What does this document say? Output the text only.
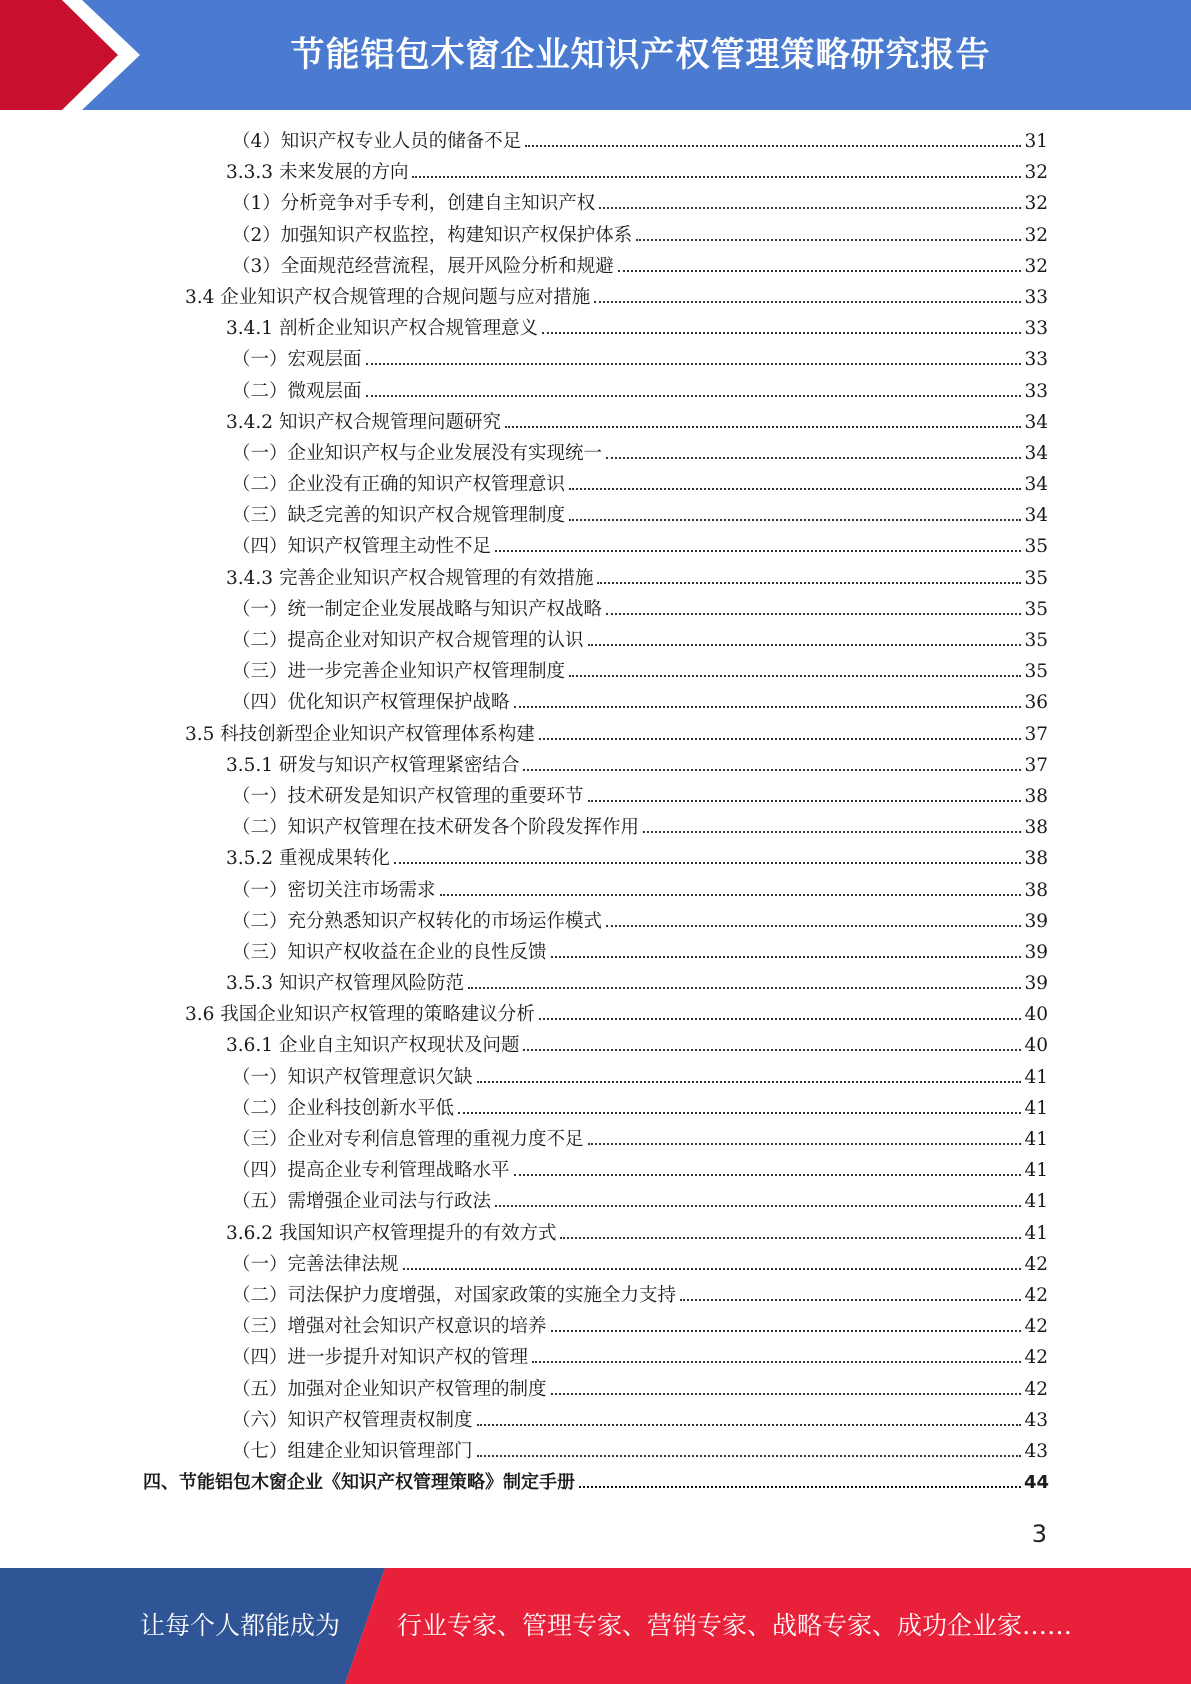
节能铝包木窗企业知识产权管理策略研究报告
（4）知识产权专业人员的储备不足	31
3.3.3 未来发展的方向	32
（1）分析竞争对手专利，创建自主知识产权	32
（2）加强知识产权监控，构建知识产权保护体系	32
（3）全面规范经营流程，展开风险分析和规避	32
3.4 企业知识产权合规管理的合规问题与应对措施	33
3.4.1 剖析企业知识产权合规管理意义	33
（一）宏观层面	33
（二）微观层面	33
3.4.2 知识产权合规管理问题研究	34
（一）企业知识产权与企业发展没有实现统一	34
（二）企业没有正确的知识产权管理意识	34
（三）缺乏完善的知识产权合规管理制度	34
（四）知识产权管理主动性不足	35
3.4.3 完善企业知识产权合规管理的有效措施	35
（一）统一制定企业发展战略与知识产权战略	35
（二）提高企业对知识产权合规管理的认识	35
（三）进一步完善企业知识产权管理制度	35
（四）优化知识产权管理保护战略	36
3.5 科技创新型企业知识产权管理体系构建	37
3.5.1 研发与知识产权管理紧密结合	37
（一）技术研发是知识产权管理的重要环节	38
（二）知识产权管理在技术研发各个阶段发挥作用	38
3.5.2 重视成果转化	38
（一）密切关注市场需求	38
（二）充分熟悉知识产权转化的市场运作模式	39
（三）知识产权收益在企业的良性反馈	39
3.5.3 知识产权管理风险防范	39
3.6 我国企业知识产权管理的策略建议分析	40
3.6.1 企业自主知识产权现状及问题	40
（一）知识产权管理意识欠缺	41
（二）企业科技创新水平低	41
（三）企业对专利信息管理的重视力度不足	41
（四）提高企业专利管理战略水平	41
（五）需增强企业司法与行政法	41
3.6.2 我国知识产权管理提升的有效方式	41
（一）完善法律法规	42
（二）司法保护力度增强，对国家政策的实施全力支持	42
（三）增强对社会知识产权意识的培养	42
（四）进一步提升对知识产权的管理	42
（五）加强对企业知识产权管理的制度	42
（六）知识产权管理责权制度	43
（七）组建企业知识管理部门	43
四、节能铝包木窗企业《知识产权管理策略》制定手册	44
3
让每个人都能成为 行业专家、管理专家、营销专家、战略专家、成功企业家……
